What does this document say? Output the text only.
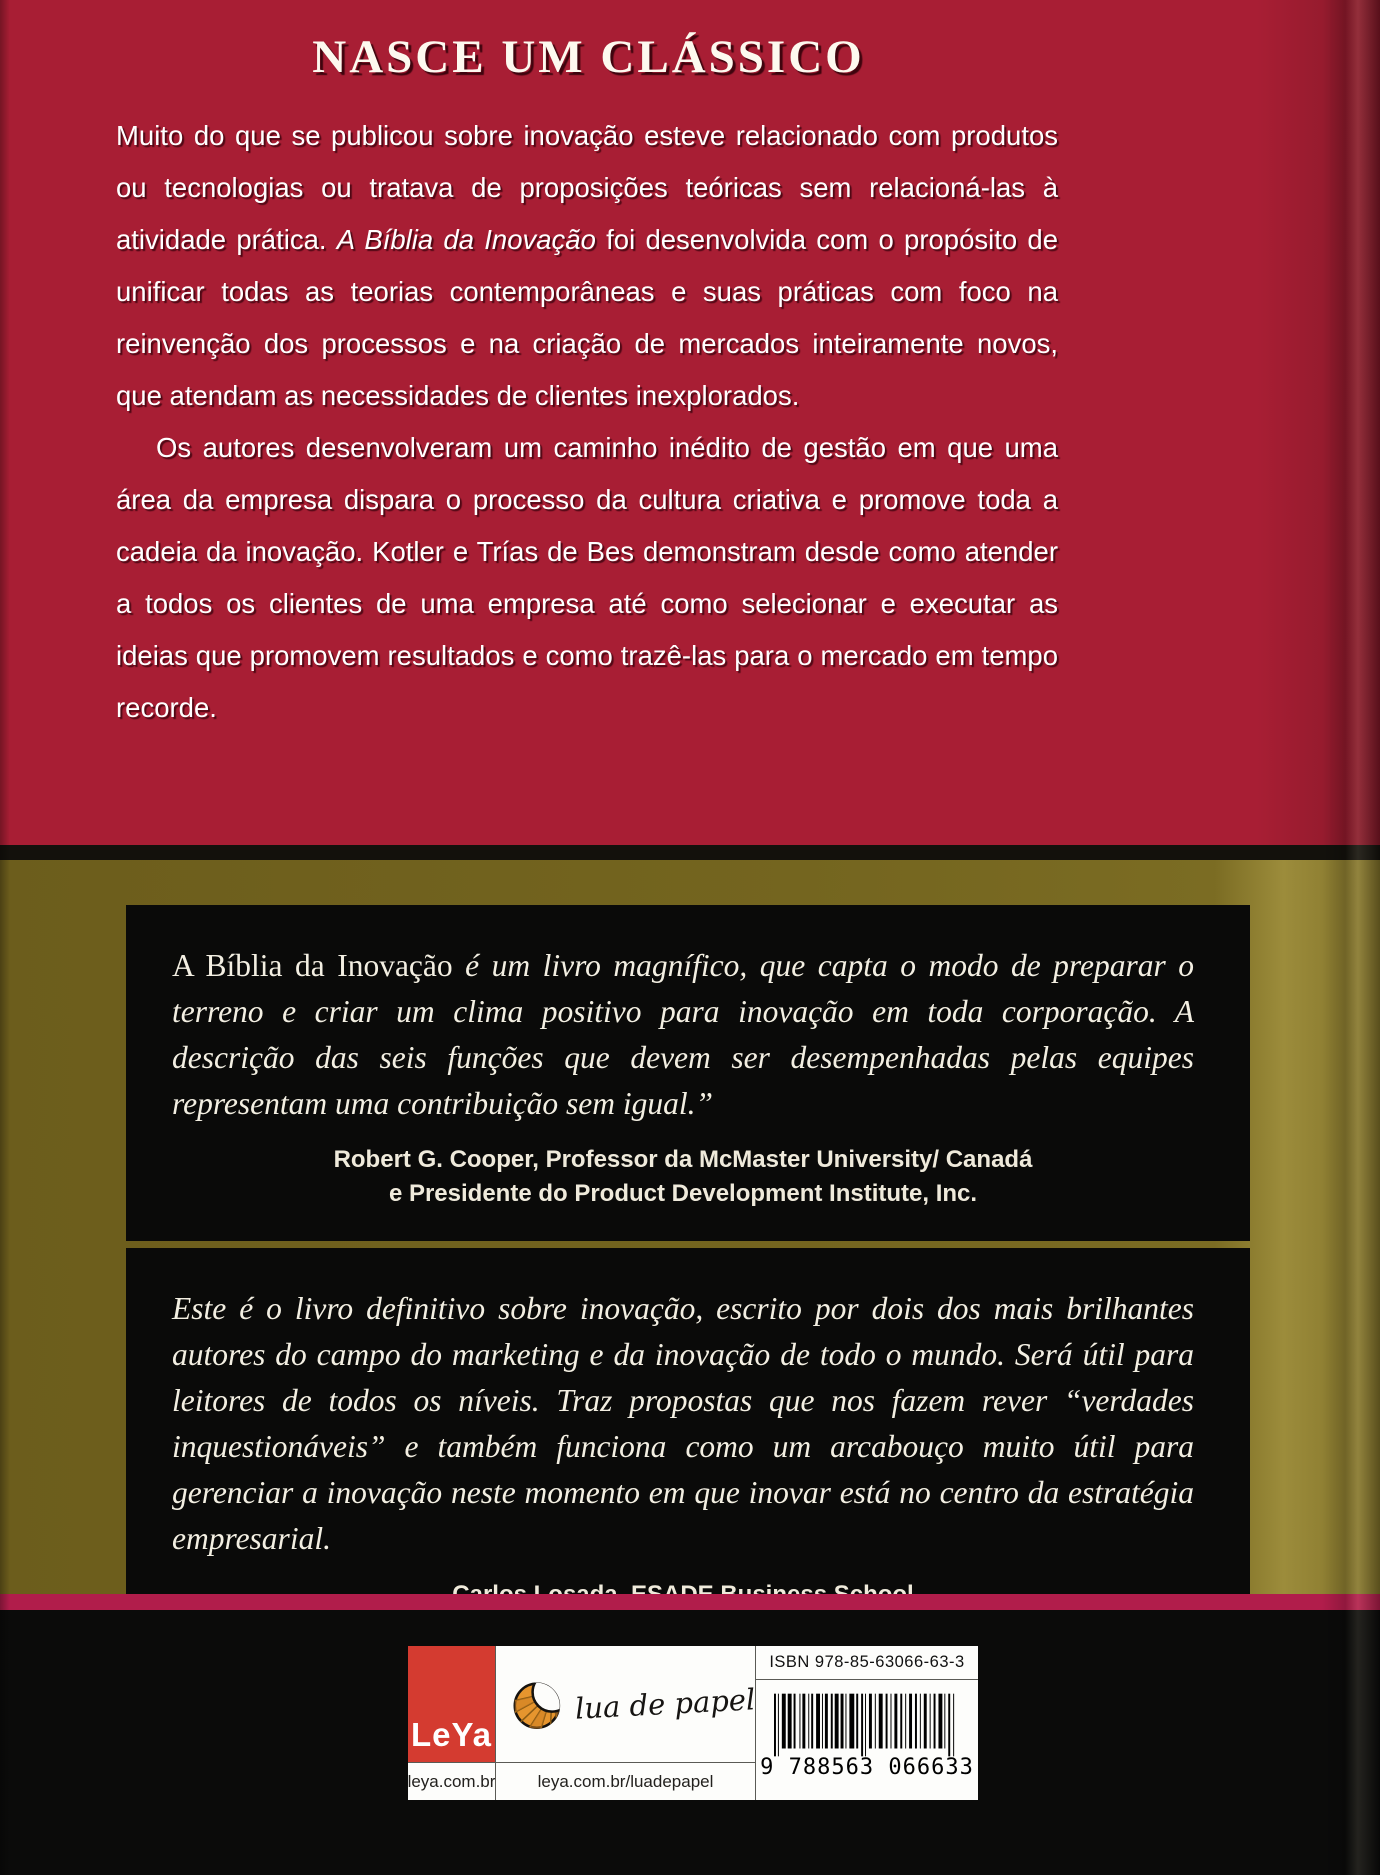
NASCE UM CLÁSSICO

Muito do que se publicou sobre inovação esteve relacionado com produtos ou tecnologias ou tratava de proposições teóricas sem relacioná-las à atividade prática. A Bíblia da Inovação foi desenvolvida com o propósito de unificar todas as teorias contemporâneas e suas práticas com foco na reinvenção dos processos e na criação de mercados inteiramente novos, que atendam as necessidades de clientes inexplorados.

Os autores desenvolveram um caminho inédito de gestão em que uma área da empresa dispara o processo da cultura criativa e promove toda a cadeia da inovação. Kotler e Trías de Bes demonstram desde como atender a todos os clientes de uma empresa até como selecionar e executar as ideias que promovem resultados e como trazê-las para o mercado em tempo recorde.

A Bíblia da Inovação é um livro magnífico, que capta o modo de preparar o terreno e criar um clima positivo para inovação em toda corporação. A descrição das seis funções que devem ser desempenhadas pelas equipes representam uma contribuição sem igual.”

Robert G. Cooper, Professor da McMaster University/ Canadá
e Presidente do Product Development Institute, Inc.

Este é o livro definitivo sobre inovação, escrito por dois dos mais brilhantes autores do campo do marketing e da inovação de todo o mundo. Será útil para leitores de todos os níveis. Traz propostas que nos fazem rever “verdades inquestionáveis” e também funciona como um arcabouço muito útil para gerenciar a inovação neste momento em que inovar está no centro da estratégia empresarial.

LeYa
leya.com.br
lua de papel
leya.com.br/luadepapel
ISBN 978-85-63066-63-3
9 788563 066633
